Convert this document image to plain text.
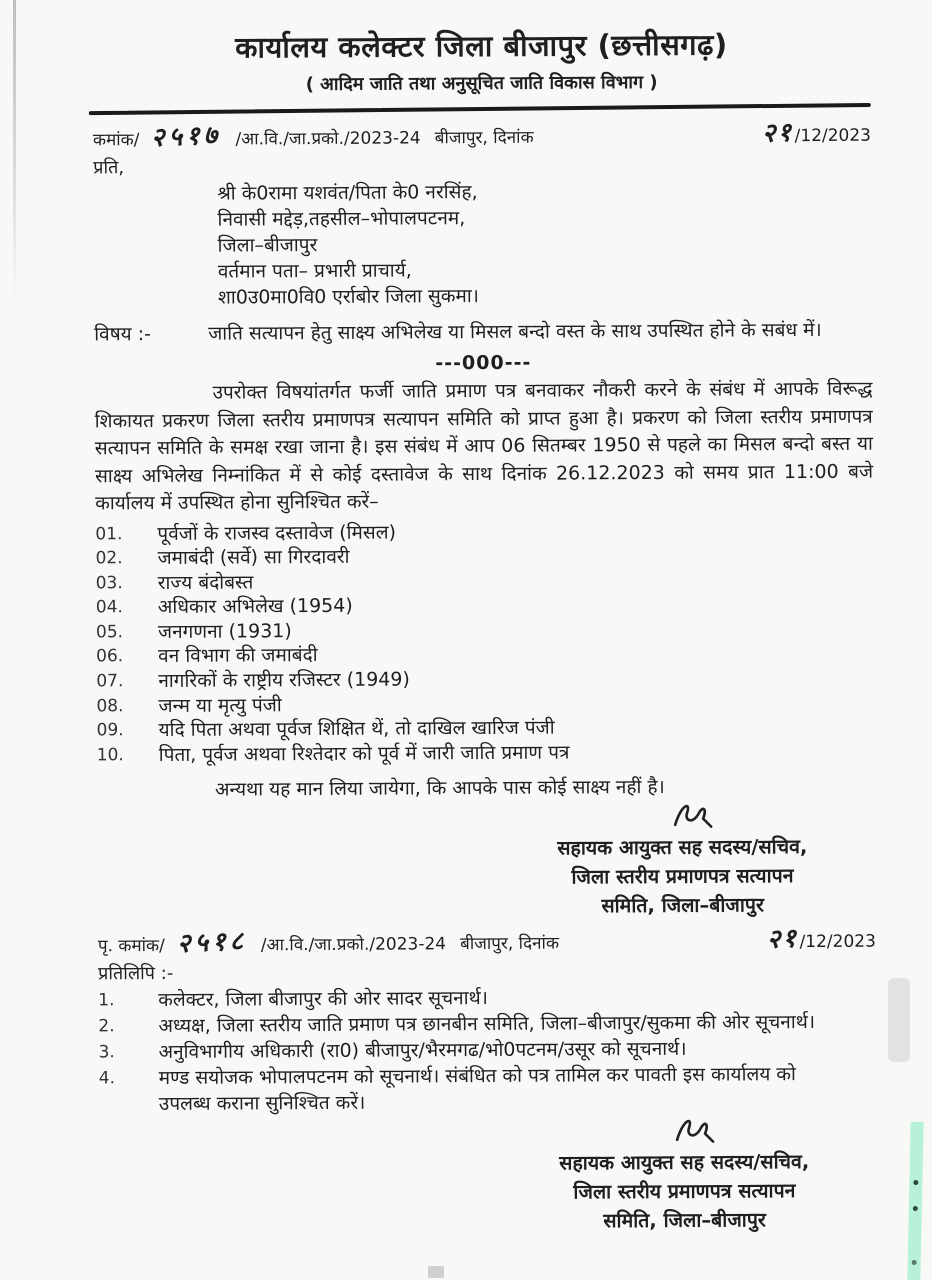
कार्यालय कलेक्टर जिला बीजापुर (छत्तीसगढ़)
( आदिम जाति तथा अनुसूचित जाति विकास विभाग )
कमांक/ २५१७ /आ.वि./जा.प्रको./2023-24 बीजापुर, दिनांक	२१ /12/2023
प्रति,
श्री के0रामा यशवंत/पिता के0 नरसिंह,
निवासी मद्देड़,तहसील–भोपालपटनम,
जिला–बीजापुर
वर्तमान पता– प्रभारी प्राचार्य,
शा0उ0मा0वि0 एर्राबोर जिला सुकमा।
विषय :-	जाति सत्यापन हेतु साक्ष्य अभिलेख या मिसल बन्दो वस्त के साथ उपस्थित होने के सबंध में।
---000---
उपरोक्त विषयांतर्गत फर्जी जाति प्रमाण पत्र बनवाकर नौकरी करने के संबंध में आपके विरूद्ध शिकायत प्रकरण जिला स्तरीय प्रमाणपत्र सत्यापन समिति को प्राप्त हुआ है। प्रकरण को जिला स्तरीय प्रमाणपत्र सत्यापन समिति के समक्ष रखा जाना है। इस संबंध में आप 06 सितम्बर 1950 से पहले का मिसल बन्दो बस्त या साक्ष्य अभिलेख निम्नांकित में से कोई दस्तावेज के साथ दिनांक 26.12.2023 को समय प्रात 11:00 बजे कार्यालय में उपस्थित होना सुनिश्चित करें–
01.	पूर्वजों के राजस्व दस्तावेज (मिसल)
02.	जमाबंदी (सर्वे) सा गिरदावरी
03.	राज्य बंदोबस्त
04.	अधिकार अभिलेख (1954)
05.	जनगणना (1931)
06.	वन विभाग की जमाबंदी
07.	नागरिकों के राष्ट्रीय रजिस्टर (1949)
08.	जन्म या मृत्यु पंजी
09.	यदि पिता अथवा पूर्वज शिक्षित थें, तो दाखिल खारिज पंजी
10.	पिता, पूर्वज अथवा रिश्तेदार को पूर्व में जारी जाति प्रमाण पत्र
अन्यथा यह मान लिया जायेगा, कि आपके पास कोई साक्ष्य नहीं है।
सहायक आयुक्त सह सदस्य/सचिव,
जिला स्तरीय प्रमाणपत्र सत्यापन
समिति, जिला–बीजापुर
पृ. कमांक/ २५१८ /आ.वि./जा.प्रको./2023-24 बीजापुर, दिनांक	२१ /12/2023
प्रतिलिपि :-
1.	कलेक्टर, जिला बीजापुर की ओर सादर सूचनार्थ।
2.	अध्यक्ष, जिला स्तरीय जाति प्रमाण पत्र छानबीन समिति, जिला–बीजापुर/सुकमा की ओर सूचनार्थ।
3.	अनुविभागीय अधिकारी (रा0) बीजापुर/भैरमगढ/भो0पटनम/उसूर को सूचनार्थ।
4.	मण्ड सयोजक भोपालपटनम को सूचनार्थ। संबंधित को पत्र तामिल कर पावती इस कार्यालय को उपलब्ध कराना सुनिश्चित करें।
सहायक आयुक्त सह सदस्य/सचिव,
जिला स्तरीय प्रमाणपत्र सत्यापन
समिति, जिला–बीजापुर
